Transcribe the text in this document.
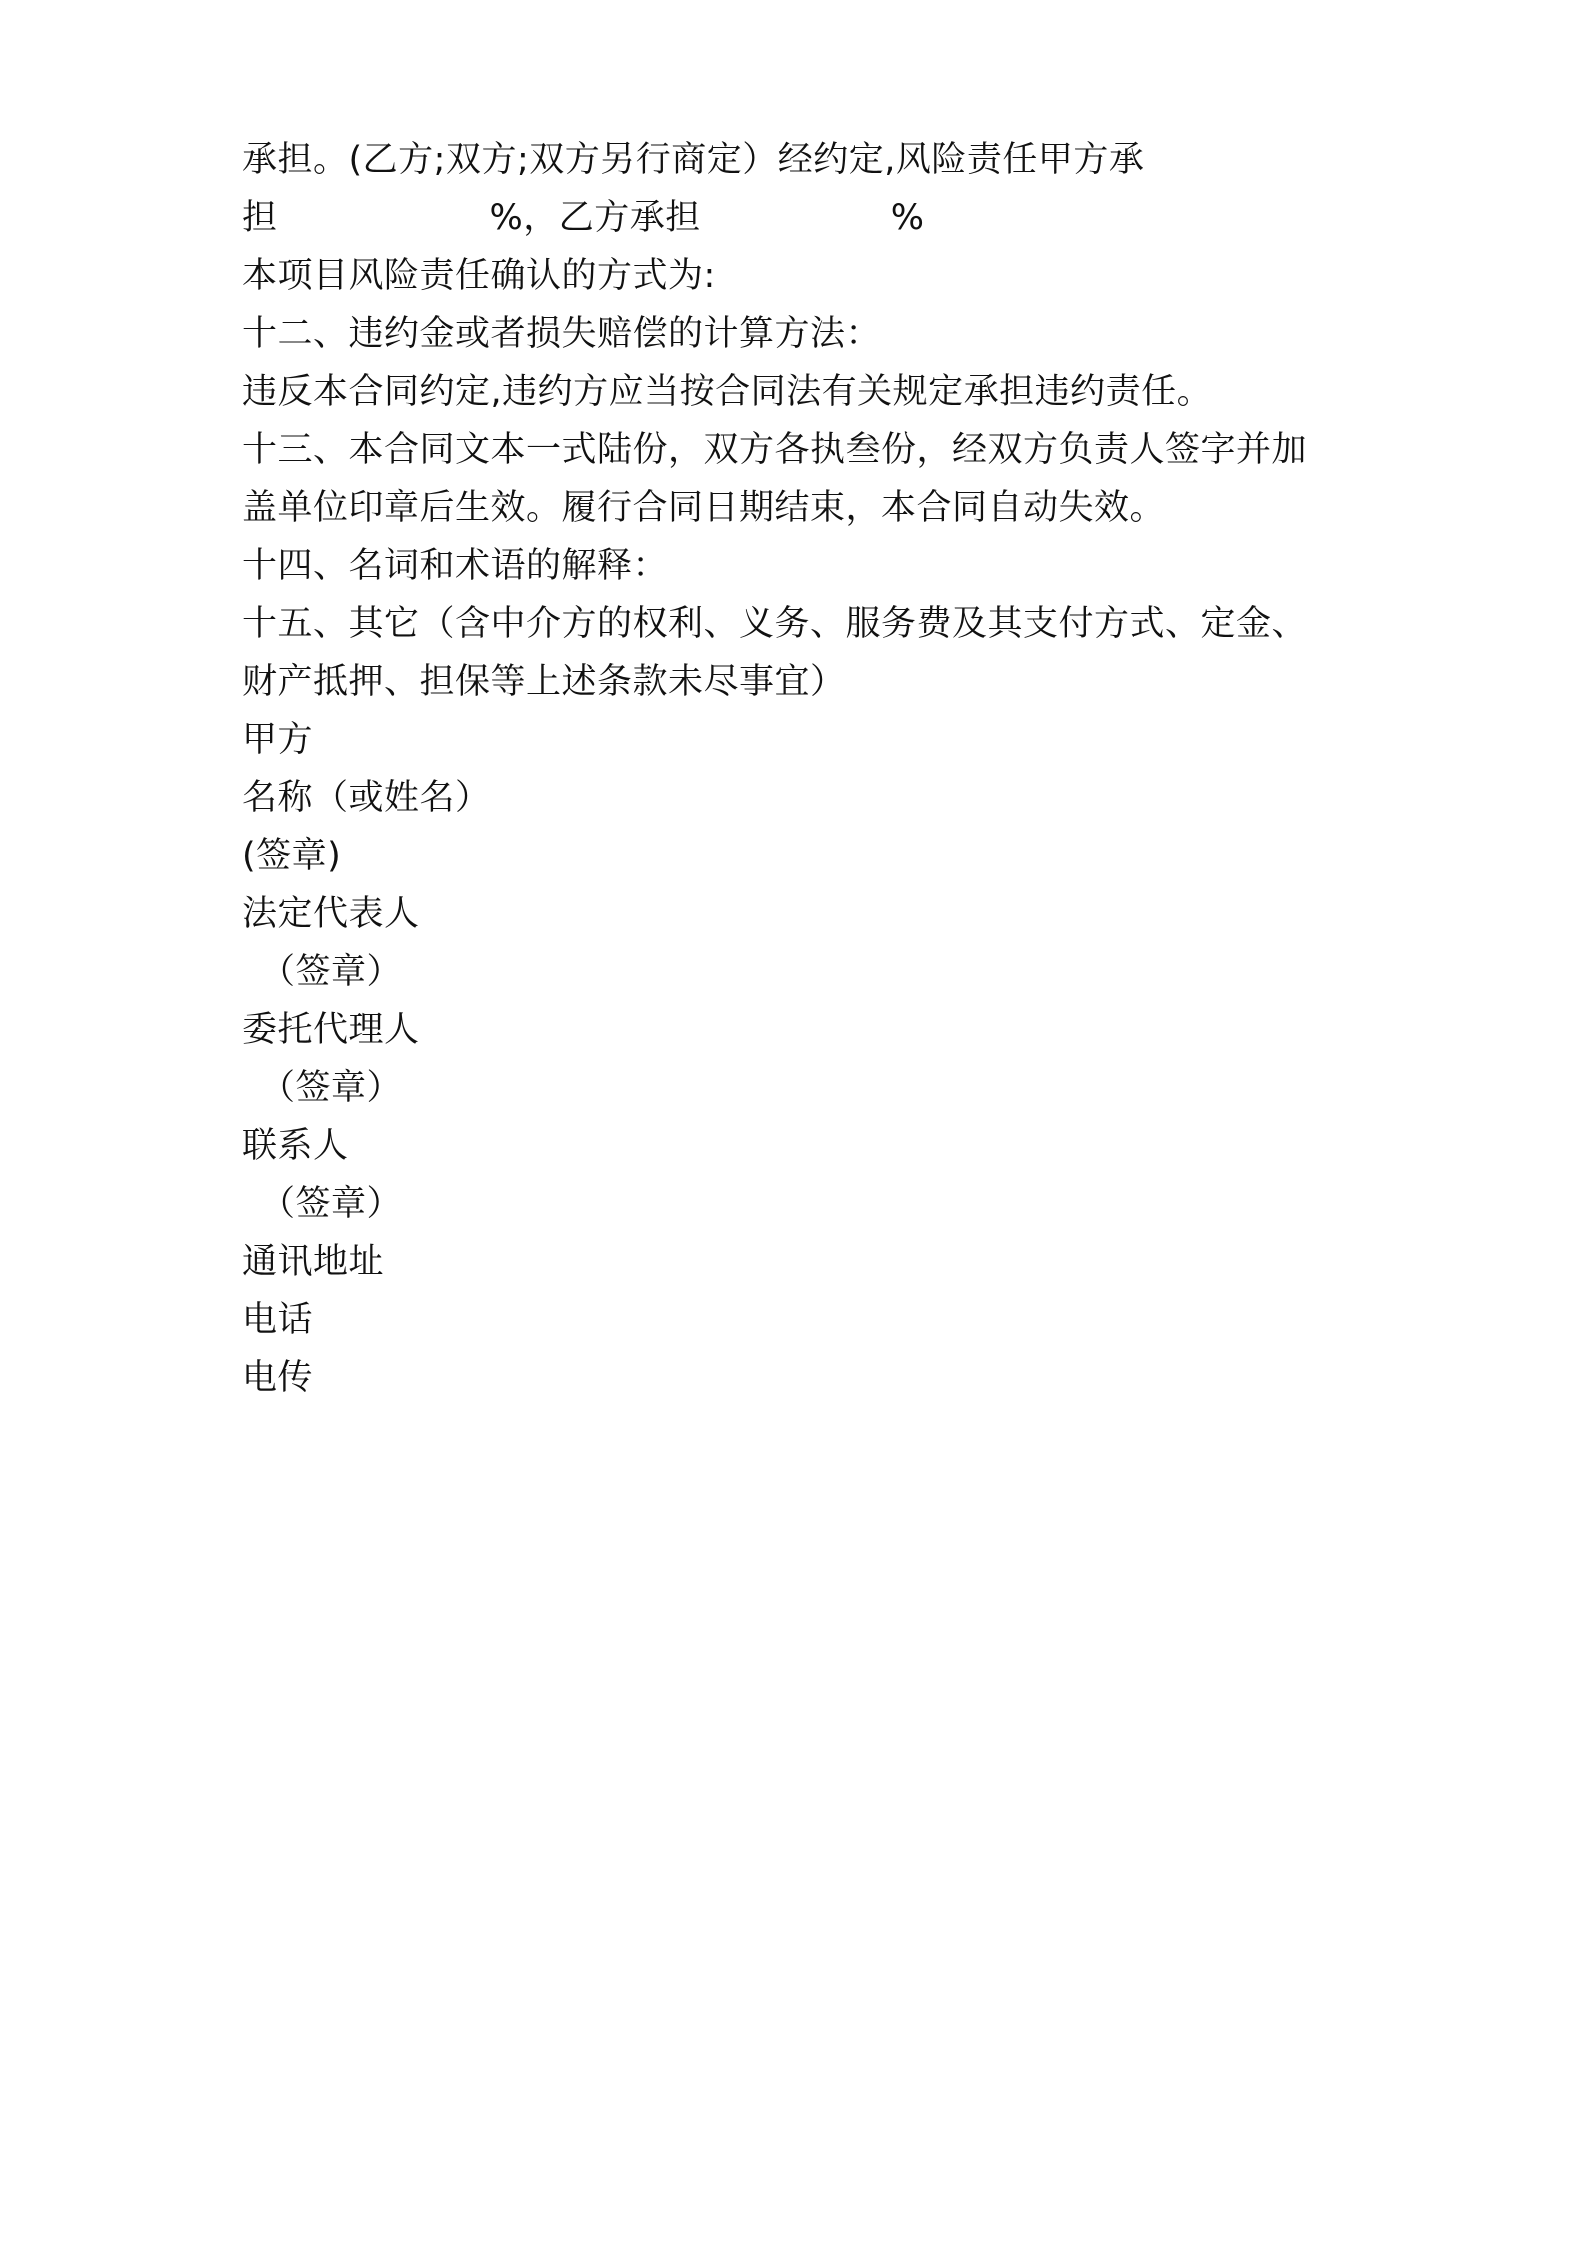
承担。(乙方;双方;双方另行商定）经约定,风险责任甲方承
担	%，乙方承担	%
本项目风险责任确认的方式为:
十二、违约金或者损失赔偿的计算方法：
违反本合同约定,违约方应当按合同法有关规定承担违约责任。
十三、本合同文本一式陆份，双方各执叁份，经双方负责人签字并加
盖单位印章后生效。履行合同日期结束，本合同自动失效。
十四、名词和术语的解释：
十五、其它（含中介方的权利、义务、服务费及其支付方式、定金、
财产抵押、担保等上述条款未尽事宜）
甲方
名称（或姓名）
(签章)
法定代表人
（签章）
委托代理人
（签章）
联系人
（签章）
通讯地址
电话
电传
